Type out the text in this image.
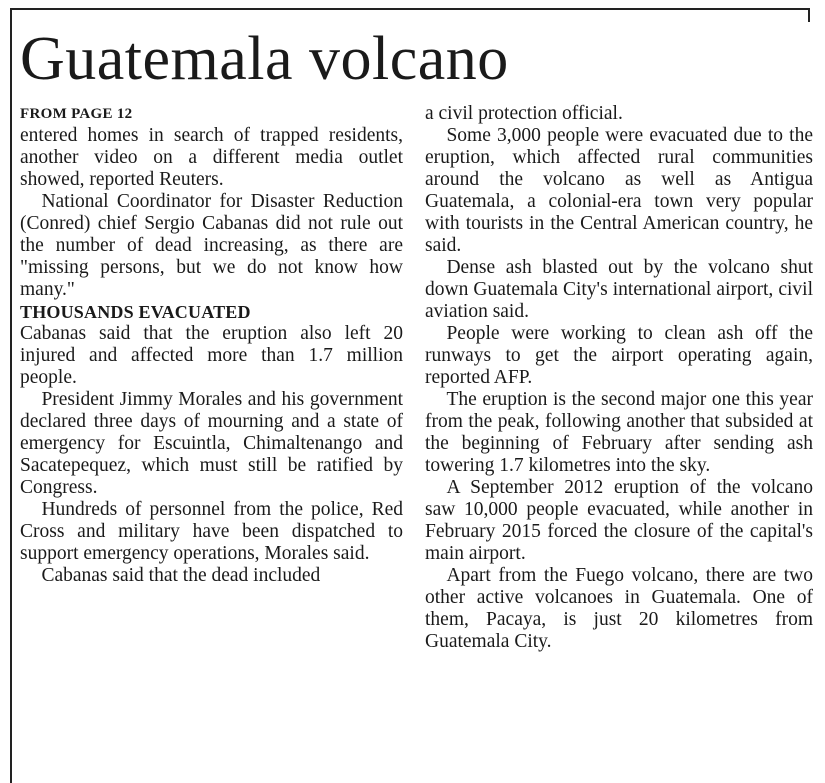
Guatemala volcano
FROM PAGE 12

entered homes in search of trapped residents, another video on a different media outlet showed, reported Reuters.

National Coordinator for Disaster Reduction (Conred) chief Sergio Cabanas did not rule out the number of dead increasing, as there are "missing persons, but we do not know how many."

THOUSANDS EVACUATED

Cabanas said that the eruption also left 20 injured and affected more than 1.7 million people.

President Jimmy Morales and his government declared three days of mourning and a state of emergency for Escuintla, Chimaltenango and Sacatepequez, which must still be ratified by Congress.

Hundreds of personnel from the police, Red Cross and military have been dispatched to support emergency operations, Morales said.

Cabanas said that the dead included

a civil protection official.

Some 3,000 people were evacuated due to the eruption, which affected rural communities around the volcano as well as Antigua Guatemala, a colonial-era town very popular with tourists in the Central American country, he said.

Dense ash blasted out by the volcano shut down Guatemala City's international airport, civil aviation said.

People were working to clean ash off the runways to get the airport operating again, reported AFP.

The eruption is the second major one this year from the peak, following another that subsided at the beginning of February after sending ash towering 1.7 kilometres into the sky.

A September 2012 eruption of the volcano saw 10,000 people evacuated, while another in February 2015 forced the closure of the capital's main airport.

Apart from the Fuego volcano, there are two other active volcanoes in Guatemala. One of them, Pacaya, is just 20 kilometres from Guatemala City.
